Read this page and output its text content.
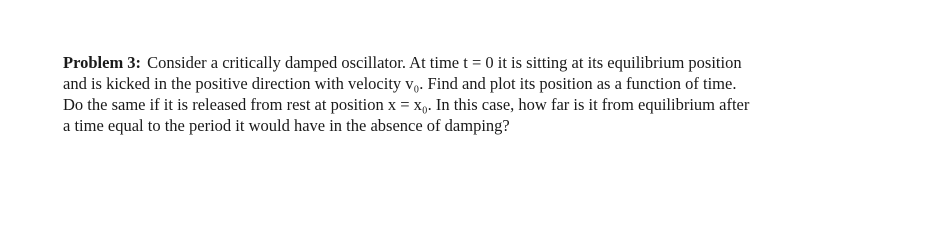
Problem 3: Consider a critically damped oscillator. At time t = 0 it is sitting at its equilibrium position
and is kicked in the positive direction with velocity v₀. Find and plot its position as a function of time.
Do the same if it is released from rest at position x = x₀. In this case, how far is it from equilibrium after
a time equal to the period it would have in the absence of damping?
